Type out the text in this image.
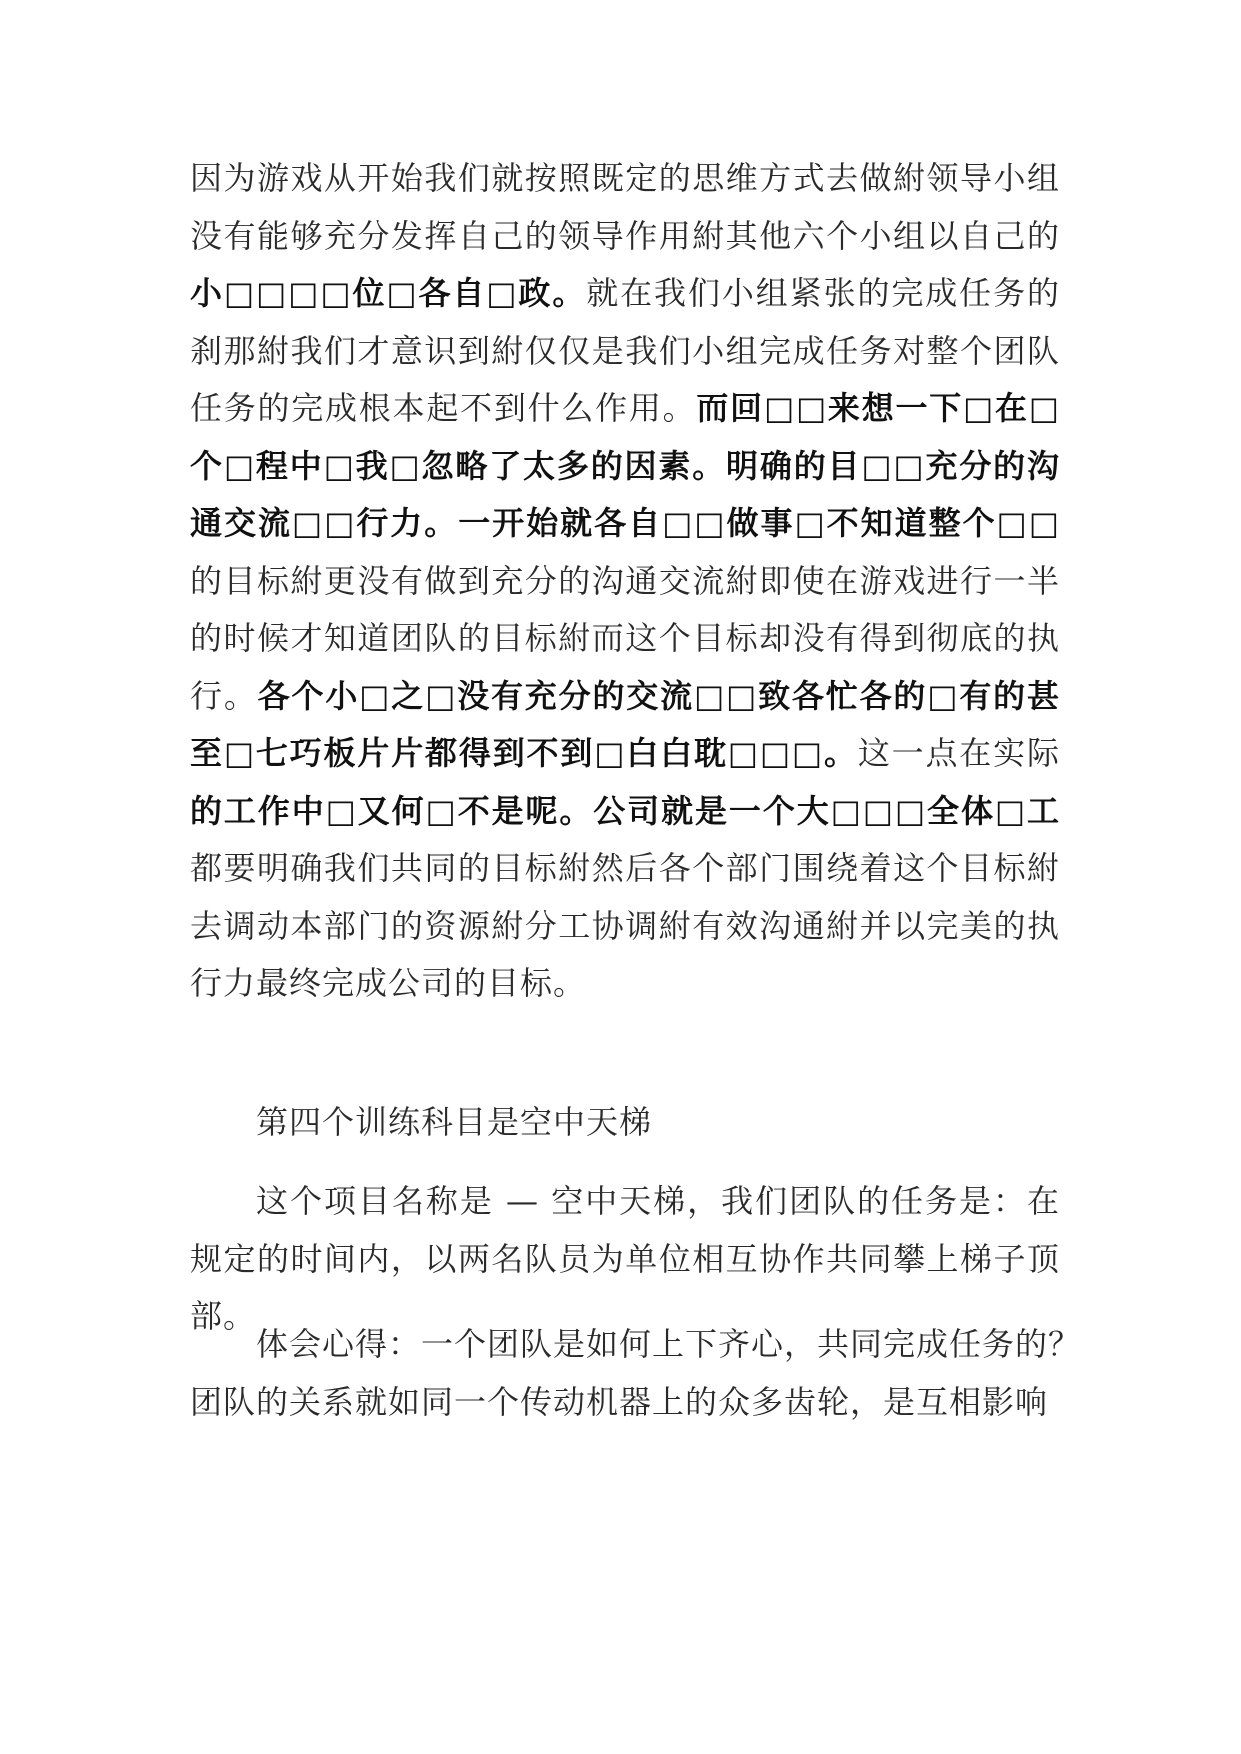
因为游戏从开始我们就按照既定的思维方式去做紨领导小组
没有能够充分发挥自己的领导作用紨其他六个小组以自己的
小□□□□位□各自□政。就在我们小组紧张的完成任务的
刹那紨我们才意识到紨仅仅是我们小组完成任务对整个团队
任务的完成根本起不到什么作用。而回□□来想一下□在□
个□程中□我□忽略了太多的因素。明确的目□□充分的沟
通交流□□行力。一开始就各自□□做事□不知道整个□□
的目标紨更没有做到充分的沟通交流紨即使在游戏进行一半
的时候才知道团队的目标紨而这个目标却没有得到彻底的执
行。各个小□之□没有充分的交流□□致各忙各的□有的甚
至□七巧板片片都得到不到□白白耽□□□。这一点在实际
的工作中□又何□不是呢。公司就是一个大□□□全体□工
都要明确我们共同的目标紨然后各个部门围绕着这个目标紨
去调动本部门的资源紨分工协调紨有效沟通紨并以完美的执
行力最终完成公司的目标。
第四个训练科目是空中天梯
这个项目名称是 — 空中天梯，我们团队的任务是：在
规定的时间内，以两名队员为单位相互协作共同攀上梯子顶
部。
体会心得：一个团队是如何上下齐心，共同完成任务的？
团队的关系就如同一个传动机器上的众多齿轮，是互相影响
